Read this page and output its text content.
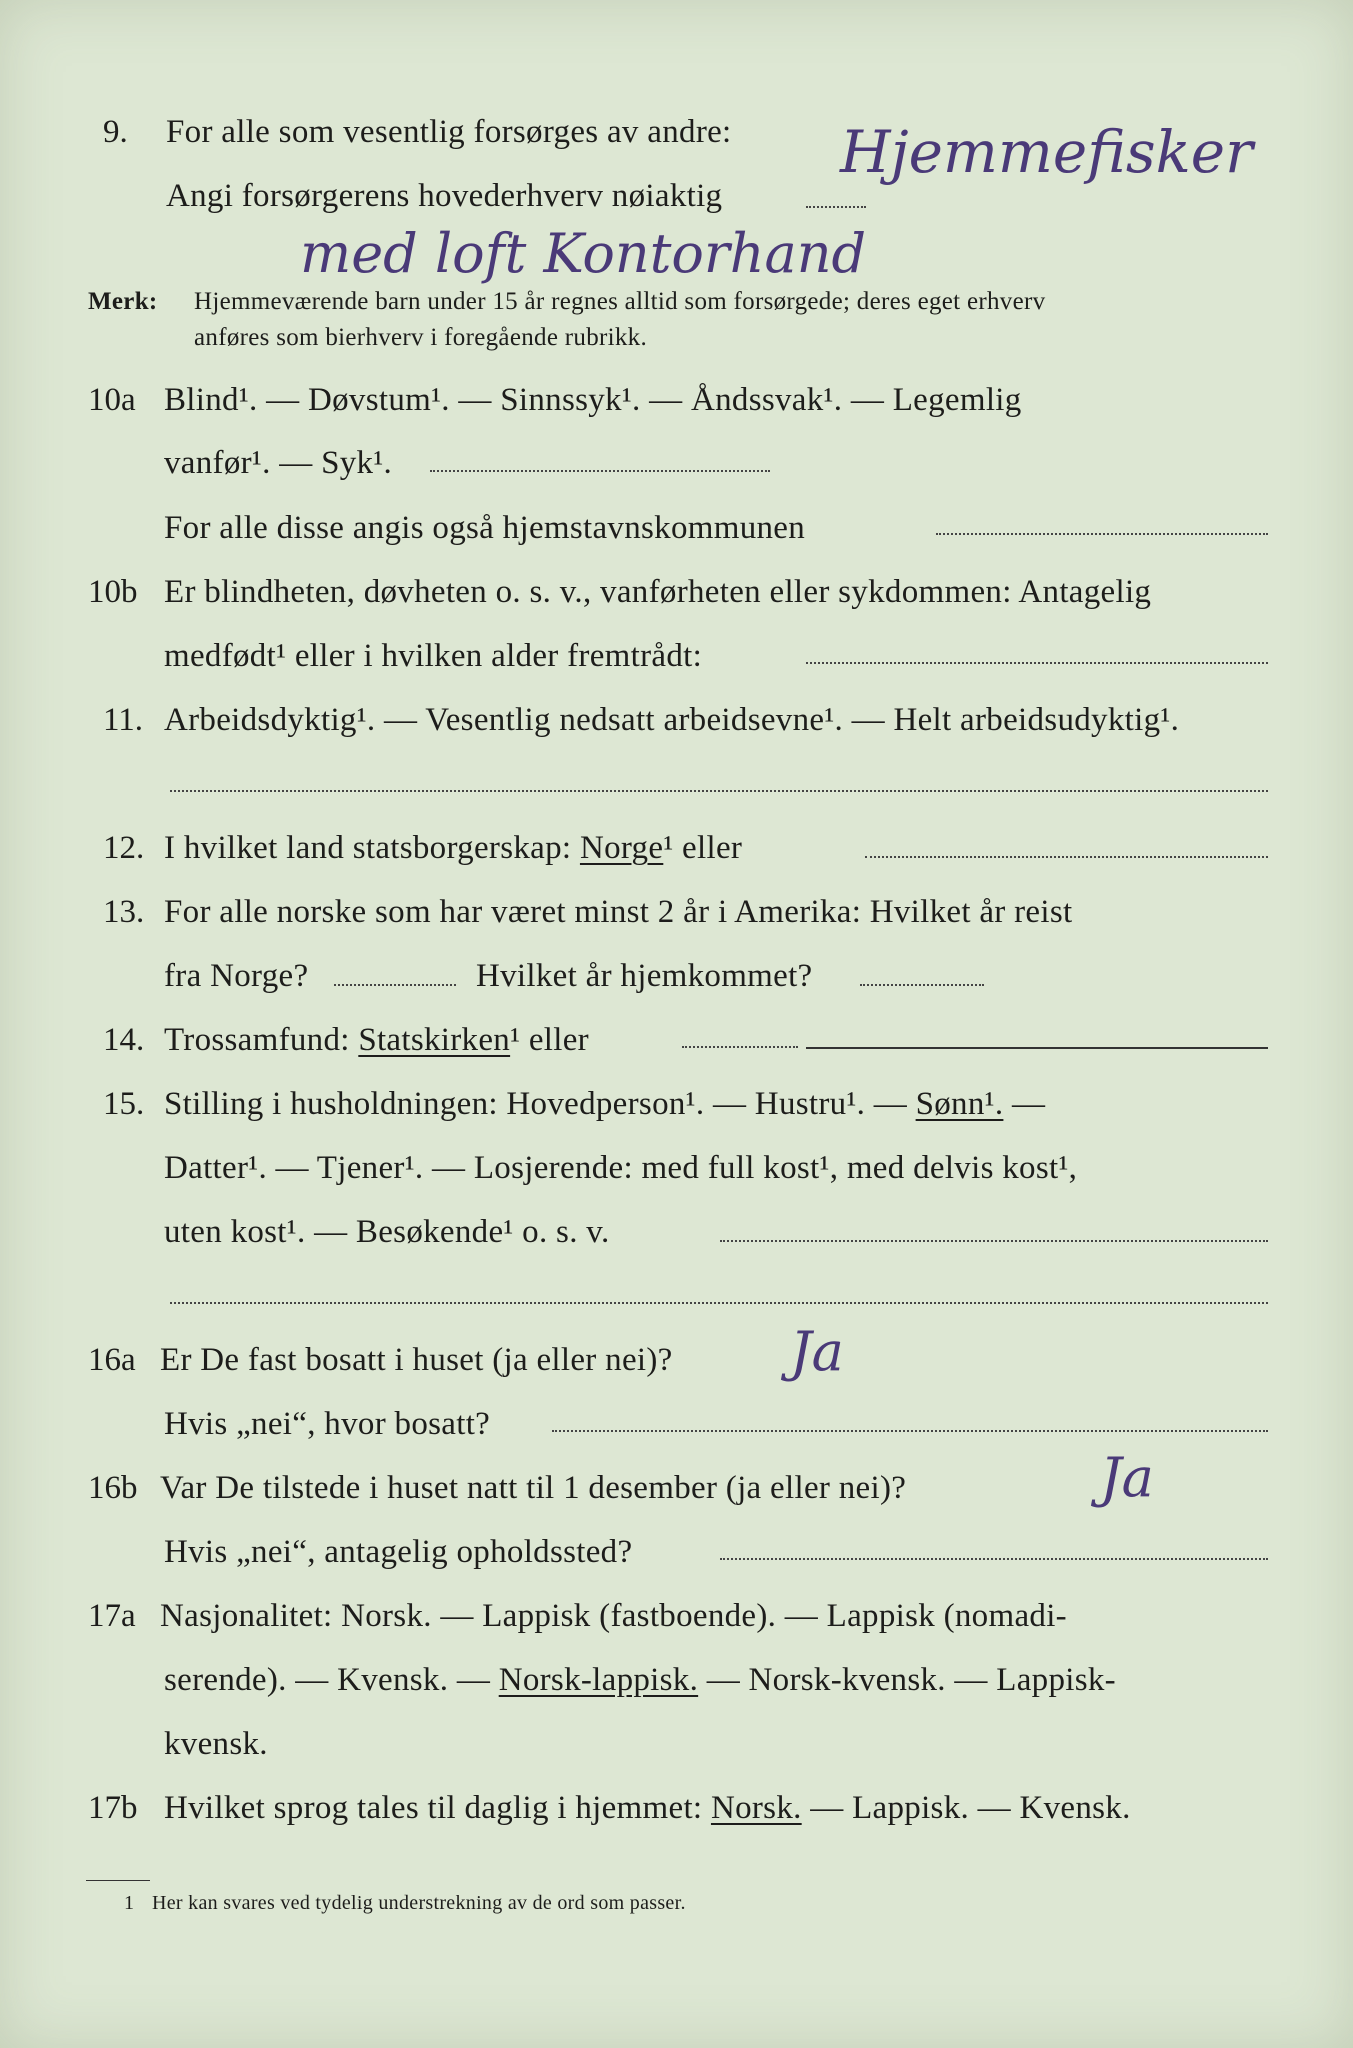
9. For alle som vesentlig forsørges av andre:
Angi forsørgerens hovederhverv nøiaktig
Hjemmefisker
med loft Kontorhand
Merk: Hjemmeværende barn under 15 år regnes alltid som forsørgede; deres eget erhverv
anføres som bierhverv i foregående rubrikk.
10a Blind¹. — Døvstum¹. — Sinnssyk¹. — Åndssvak¹. — Legemlig
vanfør¹. — Syk¹.
For alle disse angis også hjemstavnskommunen
10b Er blindheten, døvheten o. s. v., vanførheten eller sykdommen: Antagelig
medfødt¹ eller i hvilken alder fremtrådt:
11. Arbeidsdyktig¹. — Vesentlig nedsatt arbeidsevne¹. — Helt arbeidsudyktig¹.
12. I hvilket land statsborgerskap: Norge¹ eller
13. For alle norske som har været minst 2 år i Amerika: Hvilket år reist
fra Norge?	Hvilket år hjemkommet?
14. Trossamfund: Statskirken¹ eller
15. Stilling i husholdningen: Hovedperson¹. — Hustru¹. — Sønn¹. —
Datter¹. — Tjener¹. — Losjerende: med full kost¹, med delvis kost¹,
uten kost¹. — Besøkende¹ o. s. v.
16a Er De fast bosatt i huset (ja eller nei)? Ja
Hvis „nei“, hvor bosatt?
16b Var De tilstede i huset natt til 1 desember (ja eller nei)?	Ja
Hvis „nei“, antagelig opholdssted?
17a Nasjonalitet: Norsk. — Lappisk (fastboende). — Lappisk (nomadi-
serende). — Kvensk. — Norsk-lappisk. — Norsk-kvensk. — Lappisk-
kvensk.
17b Hvilket sprog tales til daglig i hjemmet: Norsk. — Lappisk. — Kvensk.
1 Her kan svares ved tydelig understrekning av de ord som passer.
